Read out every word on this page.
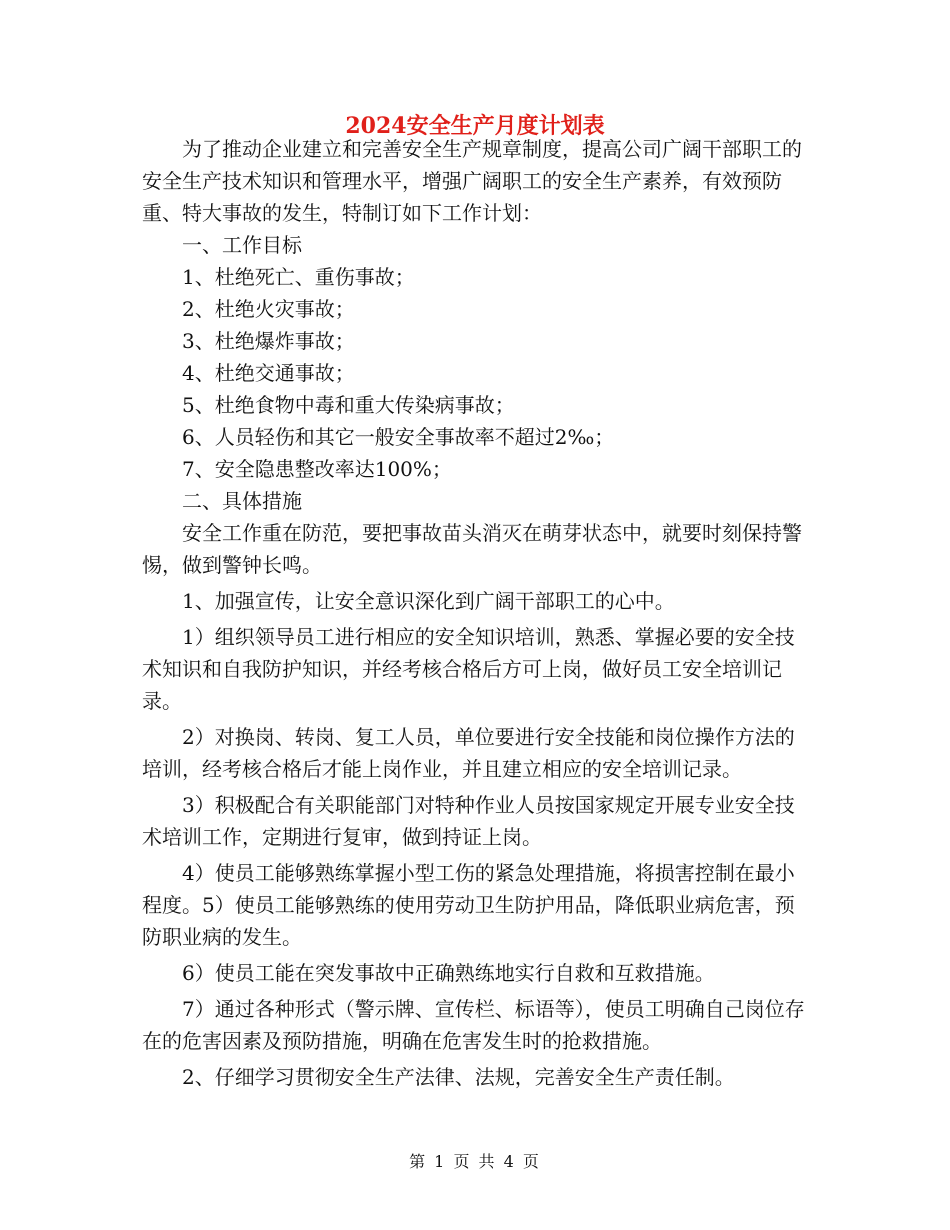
2024安全生产月度计划表

为了推动企业建立和完善安全生产规章制度，提高公司广阔干部职工的安全生产技术知识和管理水平，增强广阔职工的安全生产素养，有效预防重、特大事故的发生，特制订如下工作计划：

一、工作目标

1、杜绝死亡、重伤事故；

2、杜绝火灾事故；

3、杜绝爆炸事故；

4、杜绝交通事故；

5、杜绝食物中毒和重大传染病事故；

6、人员轻伤和其它一般安全事故率不超过2‰；

7、安全隐患整改率达100%；

二、具体措施

安全工作重在防范，要把事故苗头消灭在萌芽状态中，就要时刻保持警惕，做到警钟长鸣。

1、加强宣传，让安全意识深化到广阔干部职工的心中。

1）组织领导员工进行相应的安全知识培训，熟悉、掌握必要的安全技术知识和自我防护知识，并经考核合格后方可上岗，做好员工安全培训记录。

2）对换岗、转岗、复工人员，单位要进行安全技能和岗位操作方法的培训，经考核合格后才能上岗作业，并且建立相应的安全培训记录。

3）积极配合有关职能部门对特种作业人员按国家规定开展专业安全技术培训工作，定期进行复审，做到持证上岗。

4）使员工能够熟练掌握小型工伤的紧急处理措施，将损害控制在最小程度。5）使员工能够熟练的使用劳动卫生防护用品，降低职业病危害，预防职业病的发生。

6）使员工能在突发事故中正确熟练地实行自救和互救措施。

7）通过各种形式（警示牌、宣传栏、标语等），使员工明确自己岗位存在的危害因素及预防措施，明确在危害发生时的抢救措施。

2、仔细学习贯彻安全生产法律、法规，完善安全生产责任制。

第 1 页 共 4 页
